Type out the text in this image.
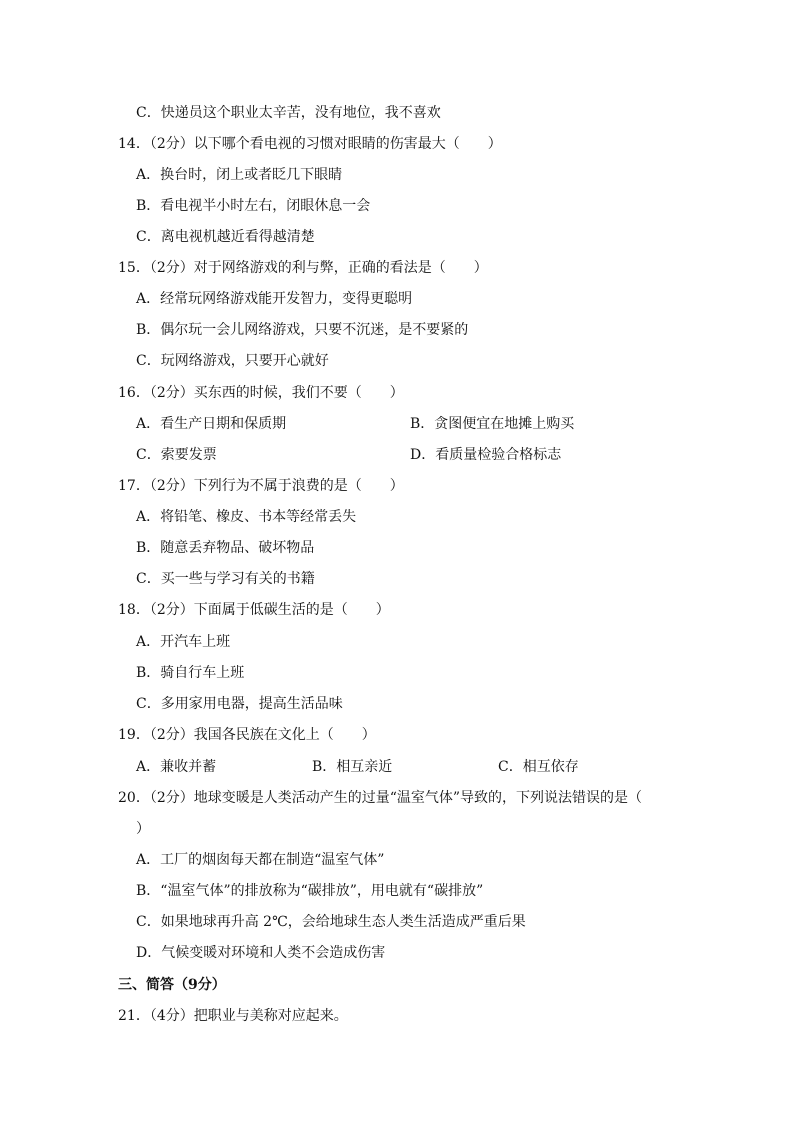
C．快递员这个职业太辛苦，没有地位，我不喜欢
14．（2分）以下哪个看电视的习惯对眼睛的伤害最大（　　）
A．换台时，闭上或者眨几下眼睛
B．看电视半小时左右，闭眼休息一会
C．离电视机越近看得越清楚
15．（2分）对于网络游戏的利与弊，正确的看法是（　　）
A．经常玩网络游戏能开发智力，变得更聪明
B．偶尔玩一会儿网络游戏，只要不沉迷，是不要紧的
C．玩网络游戏，只要开心就好
16．（2分）买东西的时候，我们不要（　　）
A．看生产日期和保质期	B．贪图便宜在地摊上购买
C．索要发票	D．看质量检验合格标志
17．（2分）下列行为不属于浪费的是（　　）
A．将铅笔、橡皮、书本等经常丢失
B．随意丢弃物品、破坏物品
C．买一些与学习有关的书籍
18．（2分）下面属于低碳生活的是（　　）
A．开汽车上班
B．骑自行车上班
C．多用家用电器，提高生活品味
19．（2分）我国各民族在文化上（　　）
A．兼收并蓄	B．相互亲近	C．相互依存
20．（2分）地球变暖是人类活动产生的过量“温室气体”导致的，下列说法错误的是（
）
A．工厂的烟囱每天都在制造“温室气体”
B．“温室气体”的排放称为“碳排放”，用电就有“碳排放”
C．如果地球再升高 2℃，会给地球生态人类生活造成严重后果
D．气候变暖对环境和人类不会造成伤害
三、简答（9分）
21．（4分）把职业与美称对应起来。
